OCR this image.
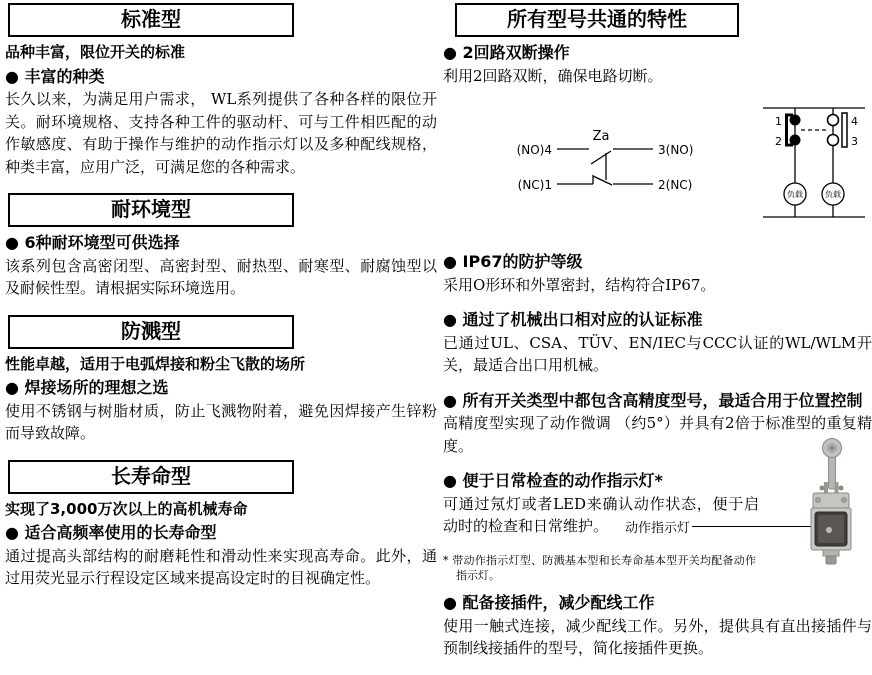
标准型
品种丰富，限位开关的标准
● 丰富的种类

长久以来，为满足用户需求， WL系列提供了各种各样的限位开关。耐环境规格、支持各种工件的驱动杆、可与工件相匹配的动作敏感度、有助于操作与维护的动作指示灯以及多种配线规格，种类丰富，应用广泛，可满足您的各种需求。

耐环境型
● 6种耐环境型可供选择

该系列包含高密闭型、高密封型、耐热型、耐寒型、耐腐蚀型以及耐候性型。请根据实际环境选用。

防溅型
性能卓越，适用于电弧焊接和粉尘飞散的场所
● 焊接场所的理想之选

使用不锈钢与树脂材质，防止飞溅物附着，避免因焊接产生锌粉而导致故障。

长寿命型
实现了3,000万次以上的高机械寿命
● 适合高频率使用的长寿命型

通过提高头部结构的耐磨耗性和滑动性来实现高寿命。此外，通过用荧光显示行程设定区域来提高设定时的目视确定性。

所有型号共通的特性
● 2回路双断操作

利用2回路双断，确保电路切断。

Za
(NO)4	3(NO)
(NC)1	2(NC)
1
2
4
3
负载	负载
● IP67的防护等级

采用O形环和外罩密封，结构符合IP67。

● 通过了机械出口相对应的认证标准

已通过UL、CSA、TÜV、EN/IEC与CCC认证的WL/WLM开关，最适合出口用机械。

● 所有开关类型中都包含高精度型号，最适合用于位置控制

高精度型实现了动作微调 （约5°）并具有2倍于标准型的重复精度。

● 便于日常检查的动作指示灯*

可通过氖灯或者LED来确认动作状态，便于启动时的检查和日常维护。

* 带动作指示灯型、防溅基本型和长寿命基本型开关均配备动作指示灯。

● 配备接插件，减少配线工作

使用一触式连接，减少配线工作。另外，提供具有直出接插件与预制线接插件的型号，简化接插件更换。

动作指示灯
